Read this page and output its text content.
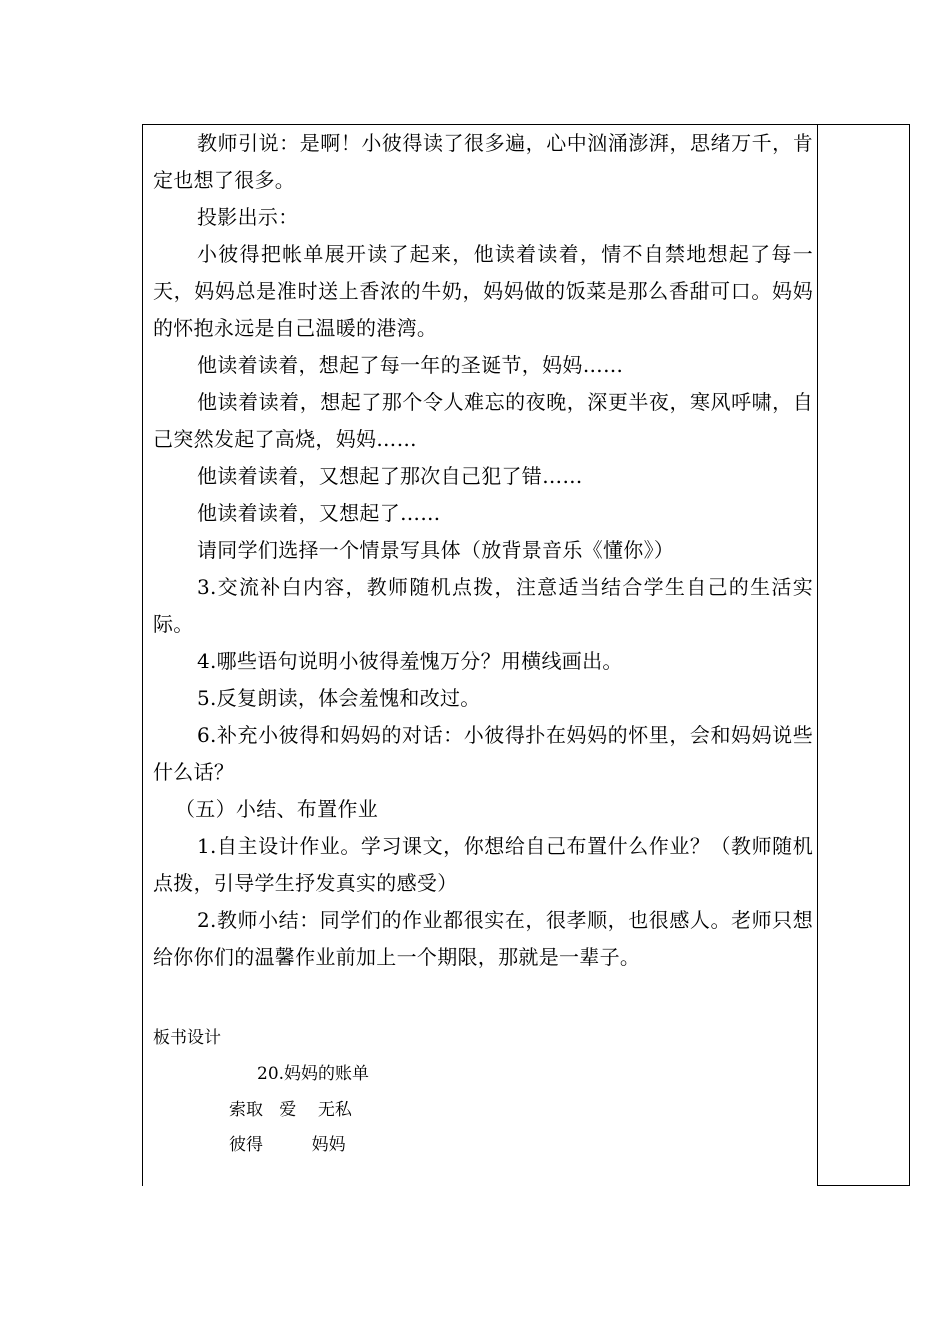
教师引说：是啊！小彼得读了很多遍，心中汹涌澎湃，思绪万千，肯定也想了很多。

投影出示：

小彼得把帐单展开读了起来，他读着读着，情不自禁地想起了每一天，妈妈总是准时送上香浓的牛奶，妈妈做的饭菜是那么香甜可口。妈妈的怀抱永远是自己温暖的港湾。

他读着读着，想起了每一年的圣诞节，妈妈……

他读着读着，想起了那个令人难忘的夜晚，深更半夜，寒风呼啸，自己突然发起了高烧，妈妈……

他读着读着，又想起了那次自己犯了错……

他读着读着，又想起了……

请同学们选择一个情景写具体（放背景音乐《懂你》）

3.交流补白内容，教师随机点拨，注意适当结合学生自己的生活实际。

4.哪些语句说明小彼得羞愧万分？用横线画出。

5.反复朗读，体会羞愧和改过。

6.补充小彼得和妈妈的对话：小彼得扑在妈妈的怀里，会和妈妈说些什么话？

（五）小结、布置作业

1.自主设计作业。学习课文，你想给自己布置什么作业？（教师随机点拨，引导学生抒发真实的感受）

2.教师小结：同学们的作业都很实在，很孝顺，也很感人。老师只想给你你们的温馨作业前加上一个期限，那就是一辈子。

板书设计
20.妈妈的账单
索取   爱    无私
彼得         妈妈
